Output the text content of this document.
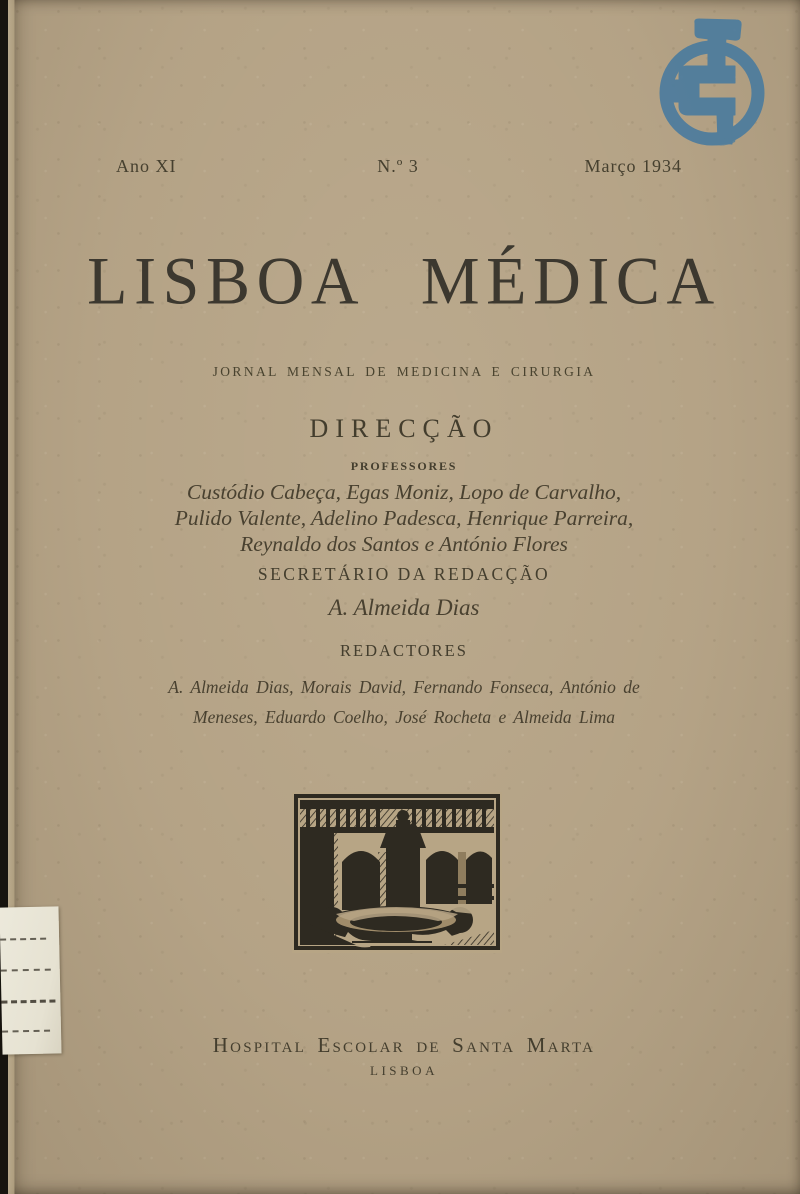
Ano XI	N.º 3	Março 1934
LISBOA MÉDICA
JORNAL MENSAL DE MEDICINA E CIRURGIA
DIRECÇÃO
PROFESSORES
Custódio Cabeça, Egas Moniz, Lopo de Carvalho,
Pulido Valente, Adelino Padesca, Henrique Parreira,
Reynaldo dos Santos e António Flores
SECRETÁRIO DA REDACÇÃO
A. Almeida Dias
REDACTORES
A. Almeida Dias, Morais David, Fernando Fonseca, António de
Meneses, Eduardo Coelho, José Rocheta e Almeida Lima
Hospital Escolar de Santa Marta
LISBOA
